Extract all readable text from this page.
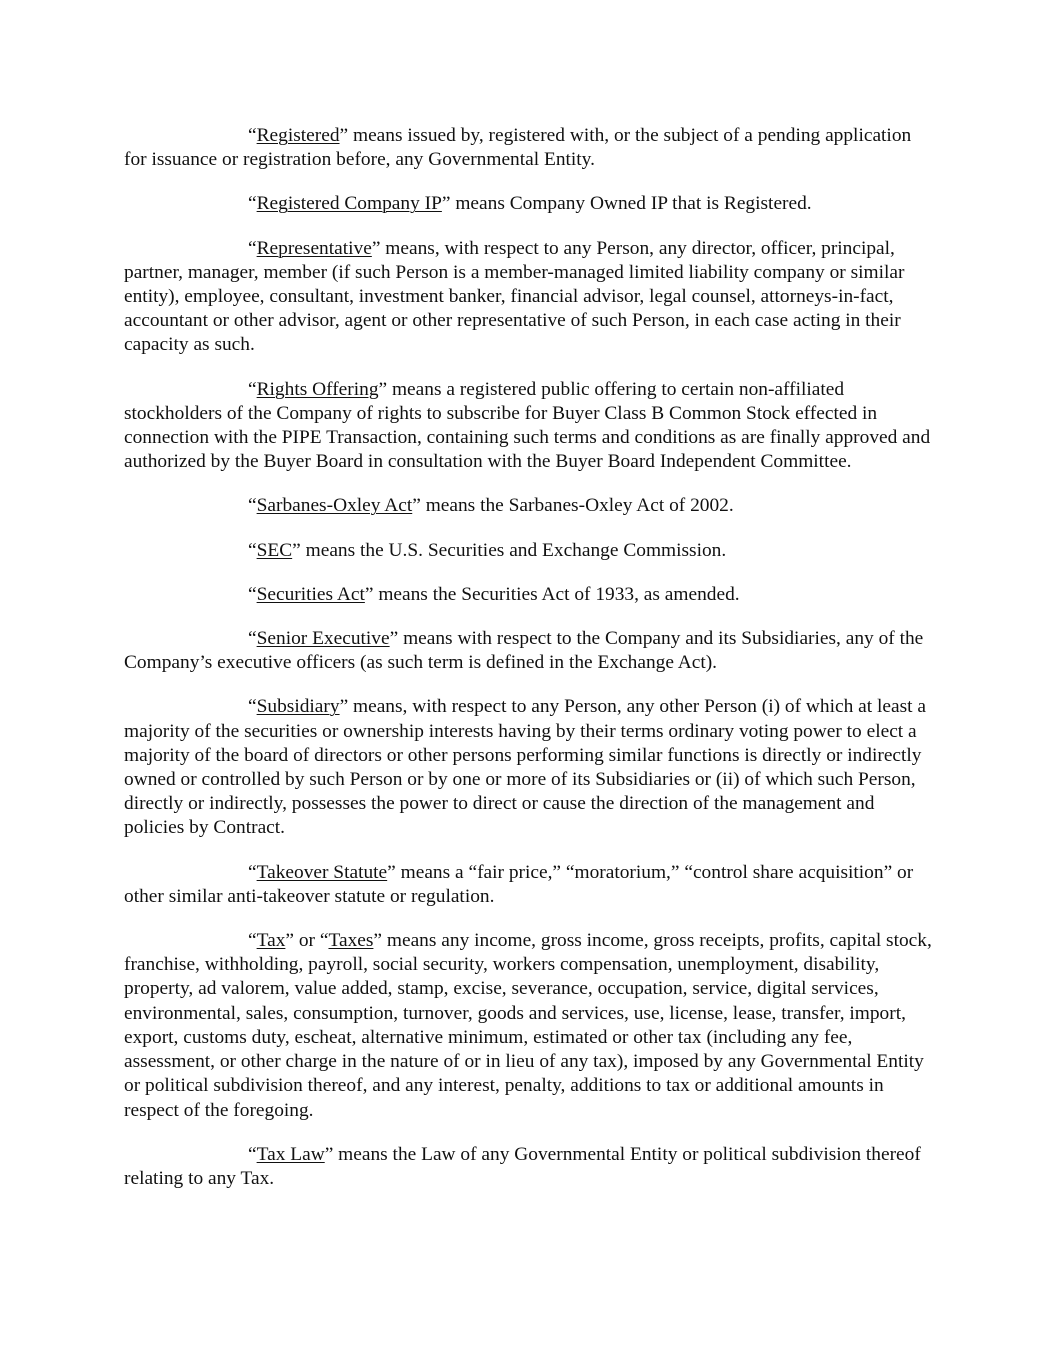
“Registered” means issued by, registered with, or the subject of a pending application for issuance or registration before, any Governmental Entity.

“Registered Company IP” means Company Owned IP that is Registered.

“Representative” means, with respect to any Person, any director, officer, principal, partner, manager, member (if such Person is a member-managed limited liability company or similar entity), employee, consultant, investment banker, financial advisor, legal counsel, attorneys-in-fact, accountant or other advisor, agent or other representative of such Person, in each case acting in their capacity as such.

“Rights Offering” means a registered public offering to certain non-affiliated stockholders of the Company of rights to subscribe for Buyer Class B Common Stock effected in connection with the PIPE Transaction, containing such terms and conditions as are finally approved and authorized by the Buyer Board in consultation with the Buyer Board Independent Committee.

“Sarbanes-Oxley Act” means the Sarbanes-Oxley Act of 2002.

“SEC” means the U.S. Securities and Exchange Commission.

“Securities Act” means the Securities Act of 1933, as amended.

“Senior Executive” means with respect to the Company and its Subsidiaries, any of the Company’s executive officers (as such term is defined in the Exchange Act).

“Subsidiary” means, with respect to any Person, any other Person (i) of which at least a majority of the securities or ownership interests having by their terms ordinary voting power to elect a majority of the board of directors or other persons performing similar functions is directly or indirectly owned or controlled by such Person or by one or more of its Subsidiaries or (ii) of which such Person, directly or indirectly, possesses the power to direct or cause the direction of the management and policies by Contract.

“Takeover Statute” means a “fair price,” “moratorium,” “control share acquisition” or other similar anti-takeover statute or regulation.

“Tax” or “Taxes” means any income, gross income, gross receipts, profits, capital stock, franchise, withholding, payroll, social security, workers compensation, unemployment, disability, property, ad valorem, value added, stamp, excise, severance, occupation, service, digital services, environmental, sales, consumption, turnover, goods and services, use, license, lease, transfer, import, export, customs duty, escheat, alternative minimum, estimated or other tax (including any fee, assessment, or other charge in the nature of or in lieu of any tax), imposed by any Governmental Entity or political subdivision thereof, and any interest, penalty, additions to tax or additional amounts in respect of the foregoing.

“Tax Law” means the Law of any Governmental Entity or political subdivision thereof relating to any Tax.
